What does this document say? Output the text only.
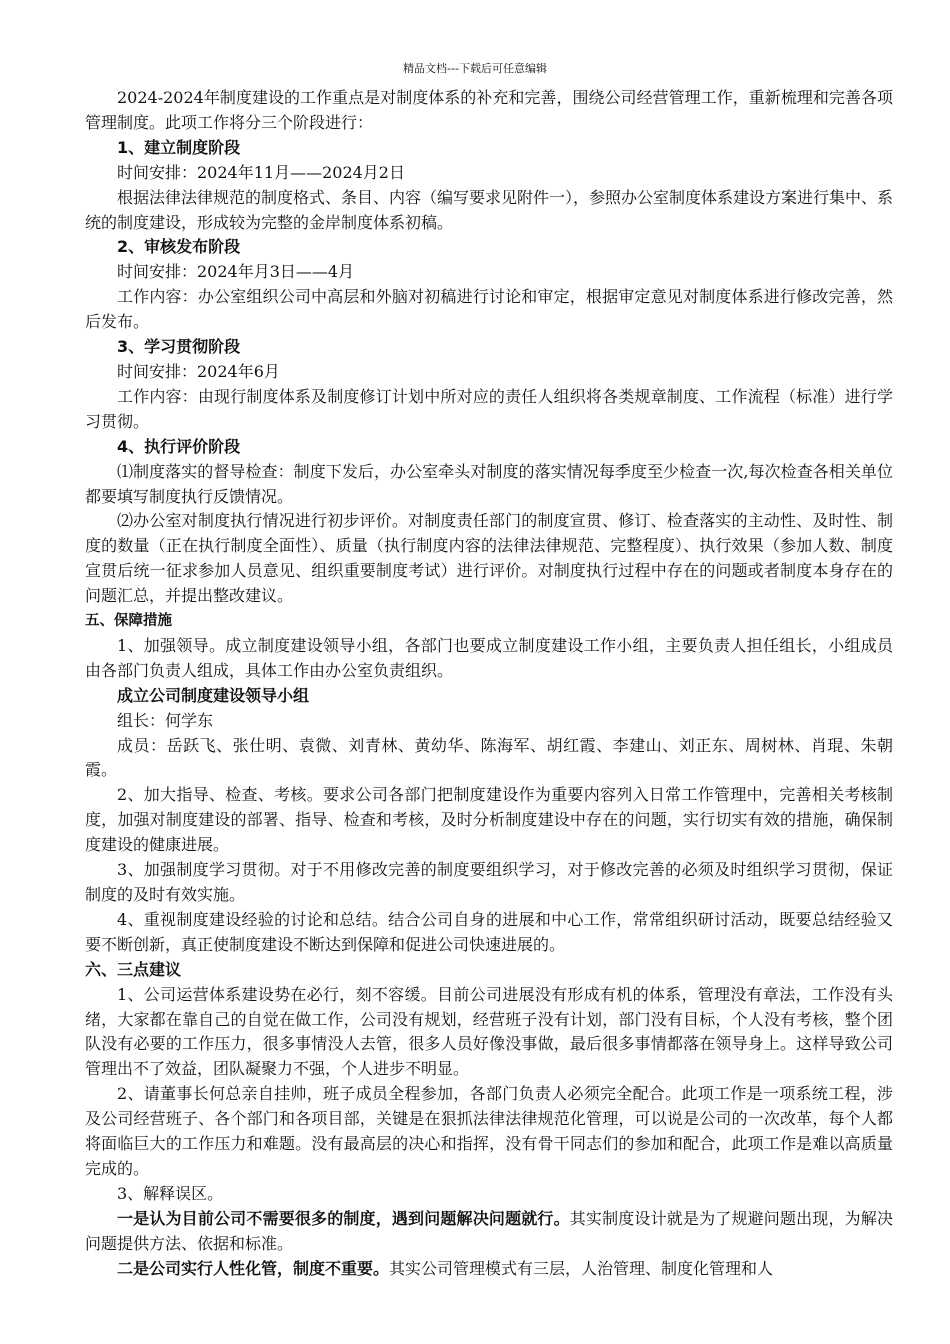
精品文档---下载后可任意编辑

2024-2024年制度建设的工作重点是对制度体系的补充和完善，围绕公司经营管理工作，重新梳理和完善各项管理制度。此项工作将分三个阶段进行：

1、建立制度阶段

时间安排：2024年11月——2024月2日

根据法律法律规范的制度格式、条目、内容（编写要求见附件一），参照办公室制度体系建设方案进行集中、系统的制度建设，形成较为完整的金岸制度体系初稿。

2、审核发布阶段

时间安排：2024年月3日——4月

工作内容：办公室组织公司中高层和外脑对初稿进行讨论和审定，根据审定意见对制度体系进行修改完善，然后发布。

3、学习贯彻阶段

时间安排：2024年6月

工作内容：由现行制度体系及制度修订计划中所对应的责任人组织将各类规章制度、工作流程（标准）进行学习贯彻。

4、执行评价阶段

⑴制度落实的督导检查：制度下发后，办公室牵头对制度的落实情况每季度至少检查一次,每次检查各相关单位都要填写制度执行反馈情况。

⑵办公室对制度执行情况进行初步评价。对制度责任部门的制度宣贯、修订、检查落实的主动性、及时性、制度的数量（正在执行制度全面性）、质量（执行制度内容的法律法律规范、完整程度）、执行效果（参加人数、制度宣贯后统一征求参加人员意见、组织重要制度考试）进行评价。对制度执行过程中存在的问题或者制度本身存在的问题汇总，并提出整改建议。

五、保障措施

1、加强领导。成立制度建设领导小组，各部门也要成立制度建设工作小组，主要负责人担任组长，小组成员由各部门负责人组成，具体工作由办公室负责组织。

成立公司制度建设领导小组

组长：何学东

成员：岳跃飞、张仕明、袁微、刘青林、黄幼华、陈海军、胡红霞、李建山、刘正东、周树林、肖琨、朱朝霞。

2、加大指导、检查、考核。要求公司各部门把制度建设作为重要内容列入日常工作管理中，完善相关考核制度，加强对制度建设的部署、指导、检查和考核，及时分析制度建设中存在的问题，实行切实有效的措施，确保制度建设的健康进展。

3、加强制度学习贯彻。对于不用修改完善的制度要组织学习，对于修改完善的必须及时组织学习贯彻，保证制度的及时有效实施。

4、重视制度建设经验的讨论和总结。结合公司自身的进展和中心工作，常常组织研讨活动，既要总结经验又要不断创新，真正使制度建设不断达到保障和促进公司快速进展的。

六、三点建议

1、公司运营体系建设势在必行，刻不容缓。目前公司进展没有形成有机的体系，管理没有章法，工作没有头绪，大家都在靠自己的自觉在做工作，公司没有规划，经营班子没有计划，部门没有目标，个人没有考核，整个团队没有必要的工作压力，很多事情没人去管，很多人员好像没事做，最后很多事情都落在领导身上。这样导致公司管理出不了效益，团队凝聚力不强，个人进步不明显。

2、请董事长何总亲自挂帅，班子成员全程参加，各部门负责人必须完全配合。此项工作是一项系统工程，涉及公司经营班子、各个部门和各项目部，关键是在狠抓法律法律规范化管理，可以说是公司的一次改革，每个人都将面临巨大的工作压力和难题。没有最高层的决心和指挥，没有骨干同志们的参加和配合，此项工作是难以高质量完成的。

3、解释误区。

一是认为目前公司不需要很多的制度，遇到问题解决问题就行。其实制度设计就是为了规避问题出现，为解决问题提供方法、依据和标准。

二是公司实行人性化管，制度不重要。其实公司管理模式有三层，人治管理、制度化管理和人
